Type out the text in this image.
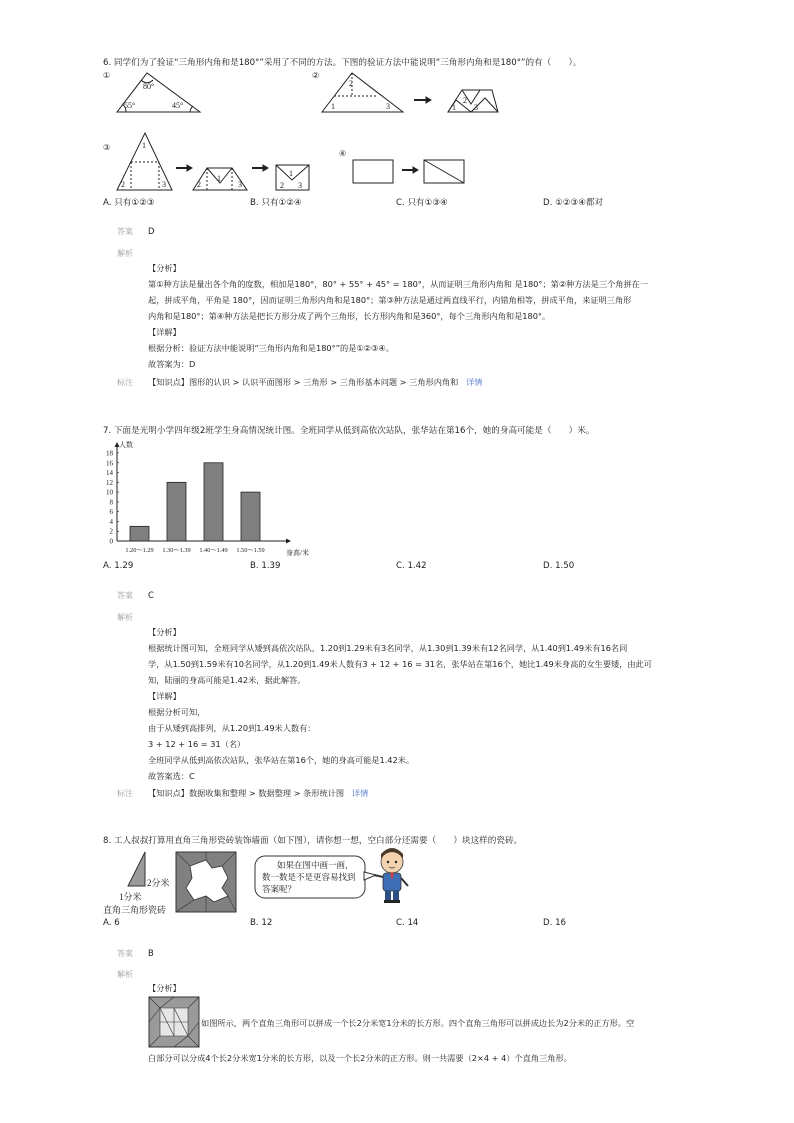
6. 同学们为了验证“三角形内角和是180°”采用了不同的方法。下图的验证方法中能说明“三角形内角和是180°”的有（　　）。
①
80°
55°	45°
②
2
1	3
2
1 3
③	1
2	3
1
2	3
1
2 3
④
A. 只有①②③	B. 只有①②④	C. 只有①③④	D. ①②③④都对
答案 D
解析
【分析】
第①种方法是量出各个角的度数，相加是180°，80° + 55° + 45° = 180°，从而证明三角形内角和 是180°；第②种方法是三个角拼在一
起，拼成平角，平角是 180°，因而证明三角形内角和是180°；第③种方法是通过两直线平行，内错角相等，拼成平角，来证明三角形
内角和是180°；第④种方法是把长方形分成了两个三角形，长方形内角和是360°，每个三角形内角和是180°。
【详解】
根据分析：验证方法中能说明“三角形内角和是180°”的是①②③④。
故答案为：D
标注 【知识点】图形的认识 > 认识平面图形 > 三角形 > 三角形基本问题 > 三角形内角和 详情
7. 下面是光明小学四年级2班学生身高情况统计图。全班同学从低到高依次站队，张华站在第16个，她的身高可能是（　　）米。
人数
身高/米
0
2
4
6
8
10
12
14
16
18
1.20～1.29 1.30～1.39 1.40～1.49 1.50～1.59
A. 1.29	B. 1.39	C. 1.42	D. 1.50
答案 C
解析
【分析】
根据统计图可知，全班同学从矮到高依次站队，1.20到1.29米有3名同学，从1.30到1.39米有12名同学，从1.40到1.49米有16名同
学，从1.50到1.59米有10名同学，从1.20到1.49米人数有3 + 12 + 16 = 31名，张华站在第16个，她比1.49米身高的女生要矮，由此可
知，陆丽的身高可能是1.42米，据此解答。
【详解】
根据分析可知，
由于从矮到高排列，从1.20到1.49米人数有：
3 + 12 + 16 = 31（名）
全班同学从低到高依次站队，张华站在第16个，她的身高可能是1.42米。
故答案选：C
标注 【知识点】数据收集和整理 > 数据整理 > 条形统计图 详情
8. 工人叔叔打算用直角三角形瓷砖装饰墙面（如下图），请你想一想，空白部分还需要（　　）块这样的瓷砖。
2分米
1分米
直角三角形瓷砖
如果在图中画一画，
数一数是不是更容易找到
答案呢？
A. 6	B. 12	C. 14	D. 16
答案 B
解析
【分析】
如图所示，两个直角三角形可以拼成一个长2分米宽1分米的长方形。四个直角三角形可以拼成边长为2分米的正方形。空
白部分可以分成4个长2分米宽1分米的长方形，以及一个长2分米的正方形。则一共需要（2×4 + 4）个直角三角形。
